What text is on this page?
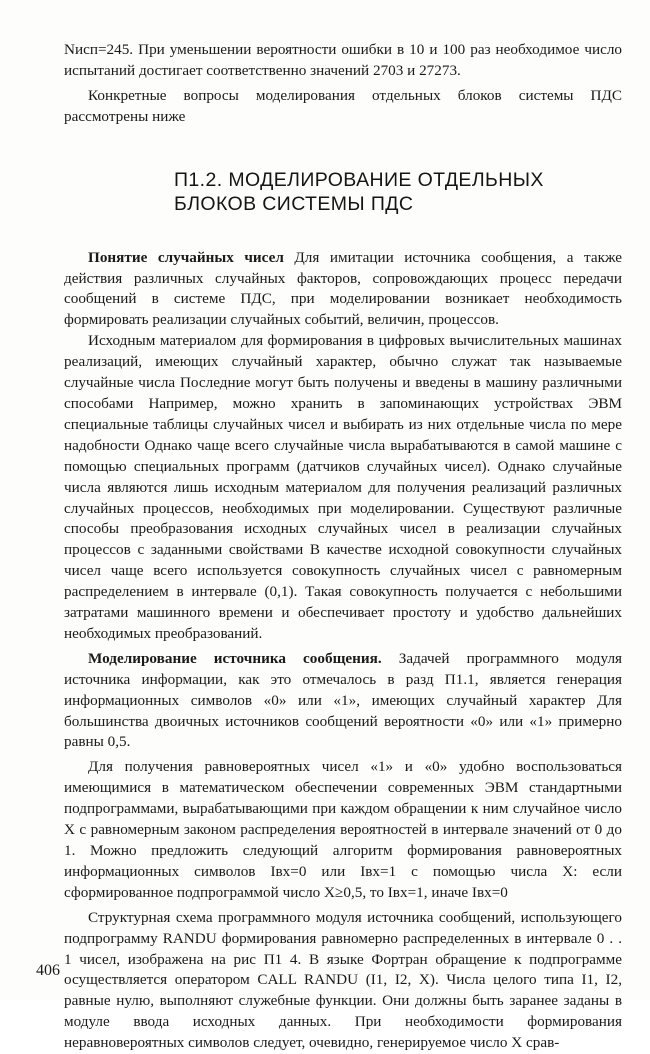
Nисп=245. При уменьшении вероятности ошибки в 10 и 100 раз необходимое число испытаний достигает соответственно значений 2703 и 27273.

Конкретные вопросы моделирования отдельных блоков системы ПДС рассмотрены ниже

П1.2. МОДЕЛИРОВАНИЕ ОТДЕЛЬНЫХ
БЛОКОВ СИСТЕМЫ ПДС

Понятие случайных чисел Для имитации источника сообщения, а также действия различных случайных факторов, сопровождающих процесс передачи сообщений в системе ПДС, при моделировании возникает необходимость формировать реализации случайных событий, величин, процессов.

Исходным материалом для формирования в цифровых вычислительных машинах реализаций, имеющих случайный характер, обычно служат так называемые случайные числа Последние могут быть получены и введены в машину различными способами Например, можно хранить в запоминающих устройствах ЭВМ специальные таблицы случайных чисел и выбирать из них отдельные числа по мере надобности Однако чаще всего случайные числа вырабатываются в самой машине с помощью специальных программ (датчиков случайных чисел). Однако случайные числа являются лишь исходным материалом для получения реализаций различных случайных процессов, необходимых при моделировании. Существуют различные способы преобразования исходных случайных чисел в реализации случайных процессов с заданными свойствами В качестве исходной совокупности случайных чисел чаще всего используется совокупность случайных чисел с равномерным распределением в интервале (0,1). Такая совокупность получается с небольшими затратами машинного времени и обеспечивает простоту и удобство дальнейших необходимых преобразований.

Моделирование источника сообщения. Задачей программного модуля источника информации, как это отмечалось в разд П1.1, является генерация информационных символов «0» или «1», имеющих случайный характер Для большинства двоичных источников сообщений вероятности «0» или «1» примерно равны 0,5.

Для получения равновероятных чисел «1» и «0» удобно воспользоваться имеющимися в математическом обеспечении современных ЭВМ стандартными подпрограммами, вырабатывающими при каждом обращении к ним случайное число X с равномерным законом распределения вероятностей в интервале значений от 0 до 1. Можно предложить следующий алгоритм формирования равновероятных информационных символов Iвх=0 или Iвх=1 с помощью числа X: если сформированное подпрограммой число X≥0,5, то Iвх=1, иначе Iвх=0

Структурная схема программного модуля источника сообщений, использующего подпрограмму RANDU формирования равномерно распределенных в интервале 0 . . 1 чисел, изображена на рис П1 4. В языке Фортран обращение к подпрограмме осуществляется оператором CALL RANDU (I1, I2, X). Числа целого типа I1, I2, равные нулю, выполняют служебные функции. Они должны быть заранее заданы в модуле ввода исходных данных. При необходимости формирования неравновероятных символов следует, очевидно, генерируемое число X срав-

406
